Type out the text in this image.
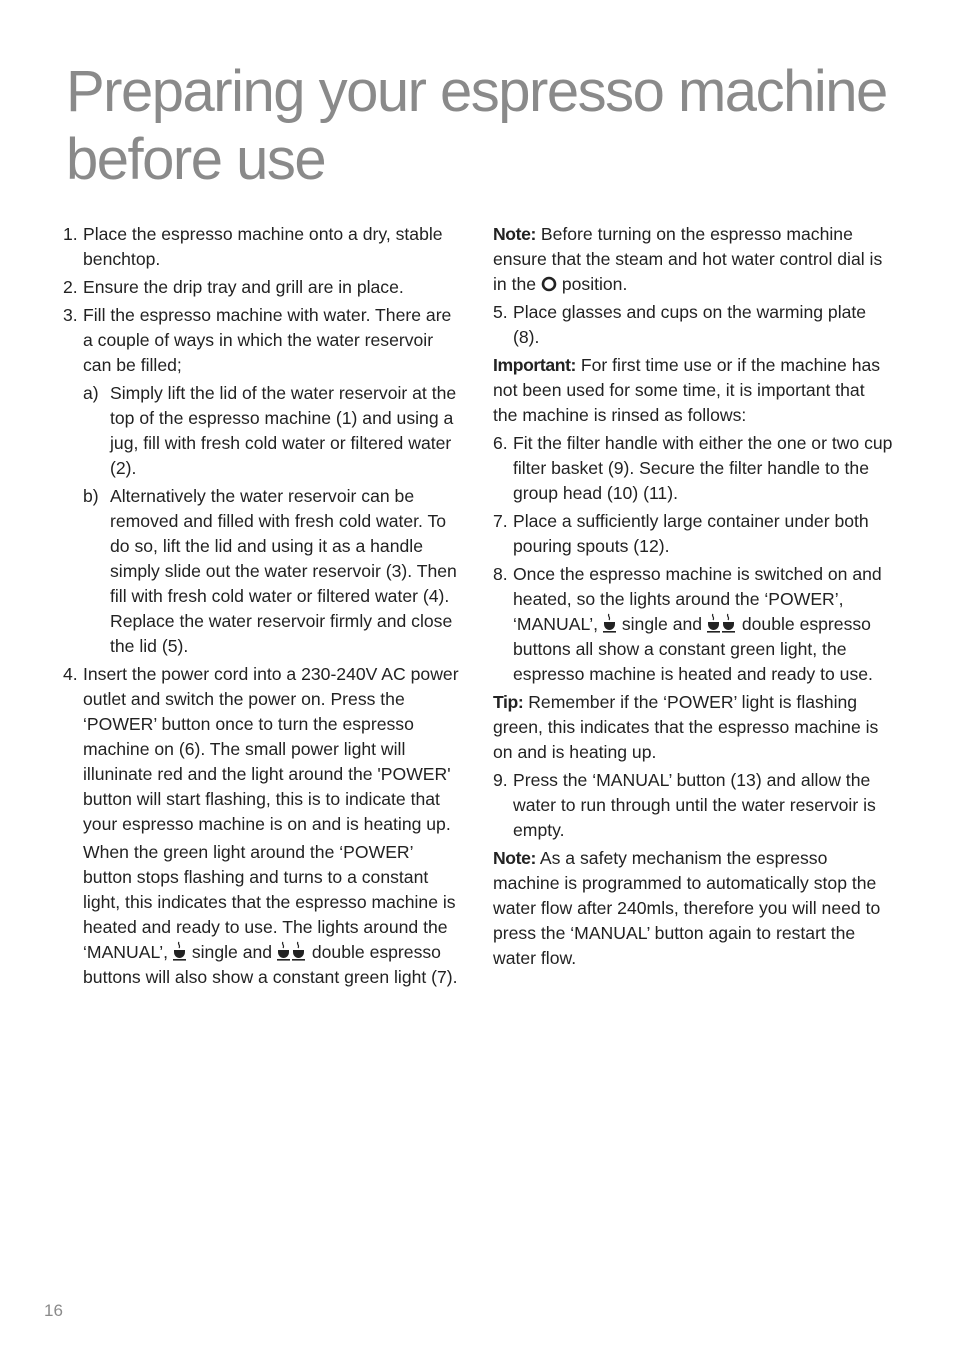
Preparing your espresso machine before use
1. Place the espresso machine onto a dry, stable benchtop.
2. Ensure the drip tray and grill are in place.
3. Fill the espresso machine with water. There are a couple of ways in which the water reservoir can be filled;
a) Simply lift the lid of the water reservoir at the top of the espresso machine (1) and using a jug, fill with fresh cold water or filtered water (2).
b) Alternatively the water reservoir can be removed and filled with fresh cold water. To do so, lift the lid and using it as a handle simply slide out the water reservoir (3). Then fill with fresh cold water or filtered water (4). Replace the water reservoir firmly and close the lid (5).
4. Insert the power cord into a 230-240V AC power outlet and switch the power on. Press the ‘POWER’ button once to turn the espresso machine on (6). The small power light will illuninate red and the light around the 'POWER' button will start flashing, this is to indicate that your espresso machine is on and is heating up.
When the green light around the ‘POWER’ button stops flashing and turns to a constant light, this indicates that the espresso machine is heated and ready to use. The lights around the ‘MANUAL’, single and double espresso buttons will also show a constant green light (7).
Note: Before turning on the espresso machine ensure that the steam and hot water control dial is in the position.
5. Place glasses and cups on the warming plate (8).
Important: For first time use or if the machine has not been used for some time, it is important that the machine is rinsed as follows:
6. Fit the filter handle with either the one or two cup filter basket (9). Secure the filter handle to the group head (10) (11).
7. Place a sufficiently large container under both pouring spouts (12).
8. Once the espresso machine is switched on and heated, so the lights around the ‘POWER’, ‘MANUAL’, single and double espresso buttons all show a constant green light, the espresso machine is heated and ready to use.
Tip: Remember if the ‘POWER’ light is flashing green, this indicates that the espresso machine is on and is heating up.
9. Press the ‘MANUAL’ button (13) and allow the water to run through until the water reservoir is empty.
Note: As a safety mechanism the espresso machine is programmed to automatically stop the water flow after 240mls, therefore you will need to press the ‘MANUAL’ button again to restart the water flow.
16
